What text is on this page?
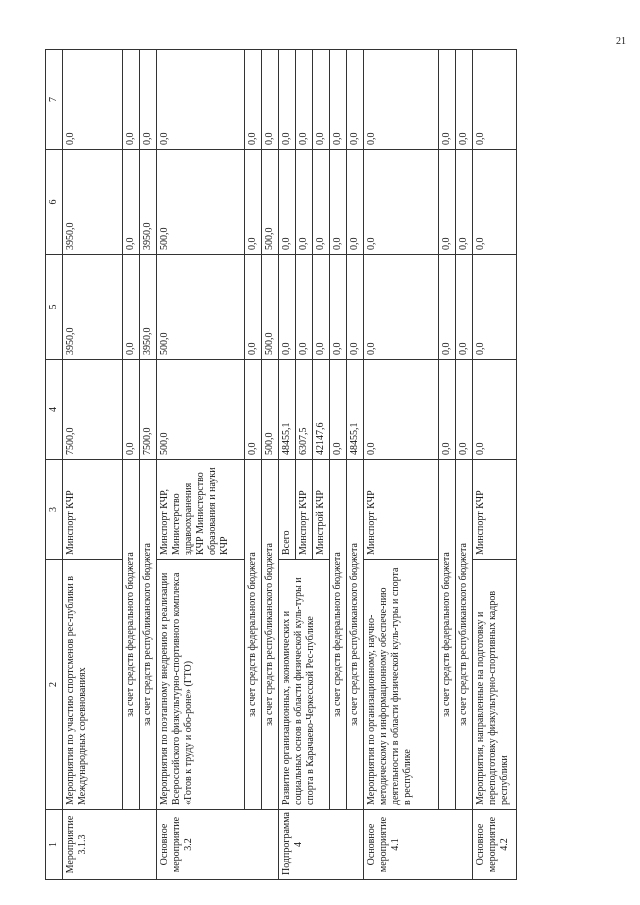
21
1	2	3	4	5	6	7
Мероприятие 3.1.3	Мероприятия по участию спортсменов рес-публики в Международных соревнованиях	Минспорт КЧР	7500,0	3950,0	3950,0	0,0
	за счет средств федерального бюджета		0,0	0,0	0,0	0,0
	за счет средств республиканского бюджета		7500,0	3950,0	3950,0	0,0
Основное мероприятие 3.2	Мероприятия по поэтапному внедрению и реализации Всероссийского физкультурно-спортивного комплекса «Готов к труду и обо-роне» (ГТО)	Минспорт КЧР, Министерство здравоохранения КЧР Министерство образования и науки КЧР	500,0	500,0	500,0	0,0
	за счет средств федерального бюджета		0,0	0,0	0,0	0,0
	за счет средств республиканского бюджета		500,0	500,0	500,0	0,0
Подпрограмма 4	Развитие организационных, экономических и социальных основ в области физической куль-туры и спорта в Карачаево-Черкесской Рес-публике	Всего	48455,1	0,0	0,0	0,0
		Минспорт КЧР	6307,5	0,0	0,0	0,0
		Минстрой КЧР	42147,6	0,0	0,0	0,0
	за счет средств федерального бюджета		0,0	0,0	0,0	0,0
	за счет средств республиканского бюджета		48455,1	0,0	0,0	0,0
Основное мероприятие 4.1	Мероприятия по организационному, научно-методическому и информационному обеспече-нию деятельности в области физической куль-туры и спорта в республике	Минспорт КЧР	0,0	0,0	0,0	0,0
	за счет средств федерального бюджета		0,0	0,0	0,0	0,0
	за счет средств республиканского бюджета		0,0	0,0	0,0	0,0
Основное мероприятие 4.2	Мероприятия, направленные на подготовку и переподготовку физкультурно-спортивных кадров республики	Минспорт КЧР	0,0	0,0	0,0	0,0
